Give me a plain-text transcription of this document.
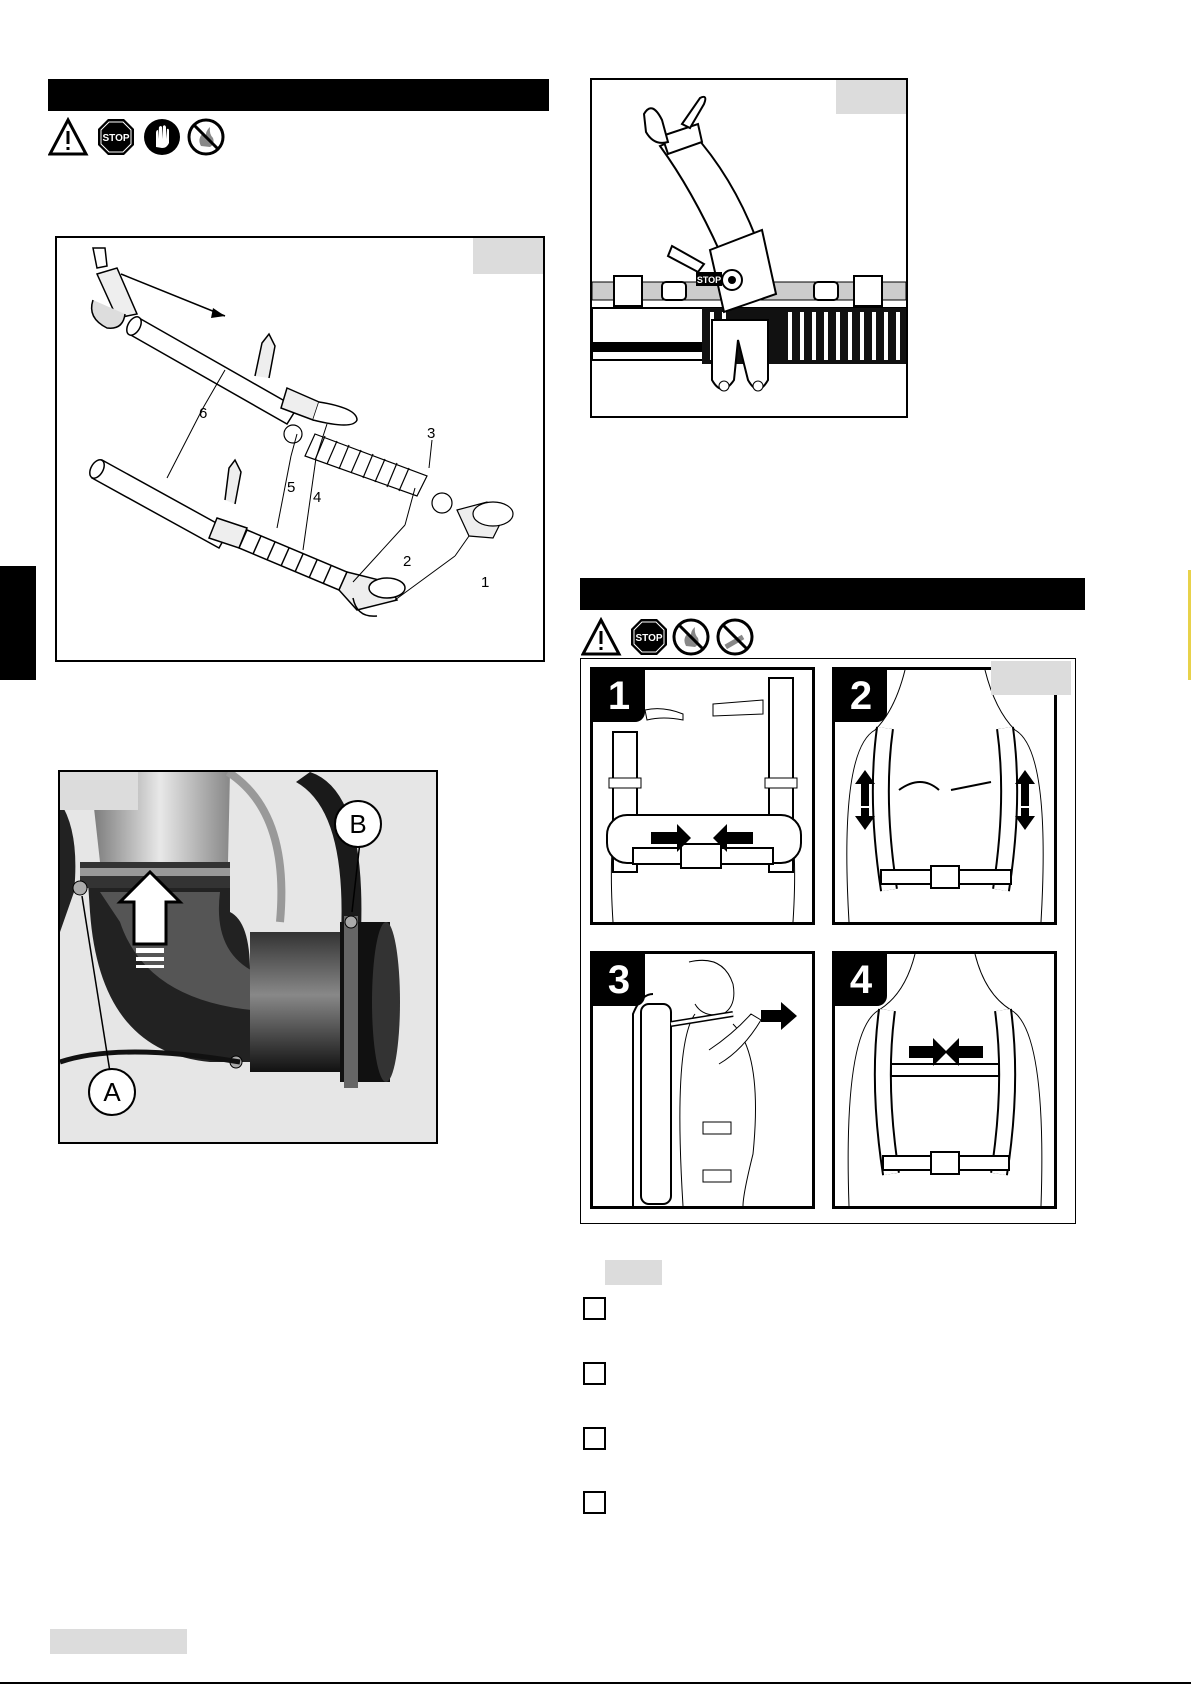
STOP
6
5
4
3
2
1
B
A
STOP
STOP
1	2
3	4
